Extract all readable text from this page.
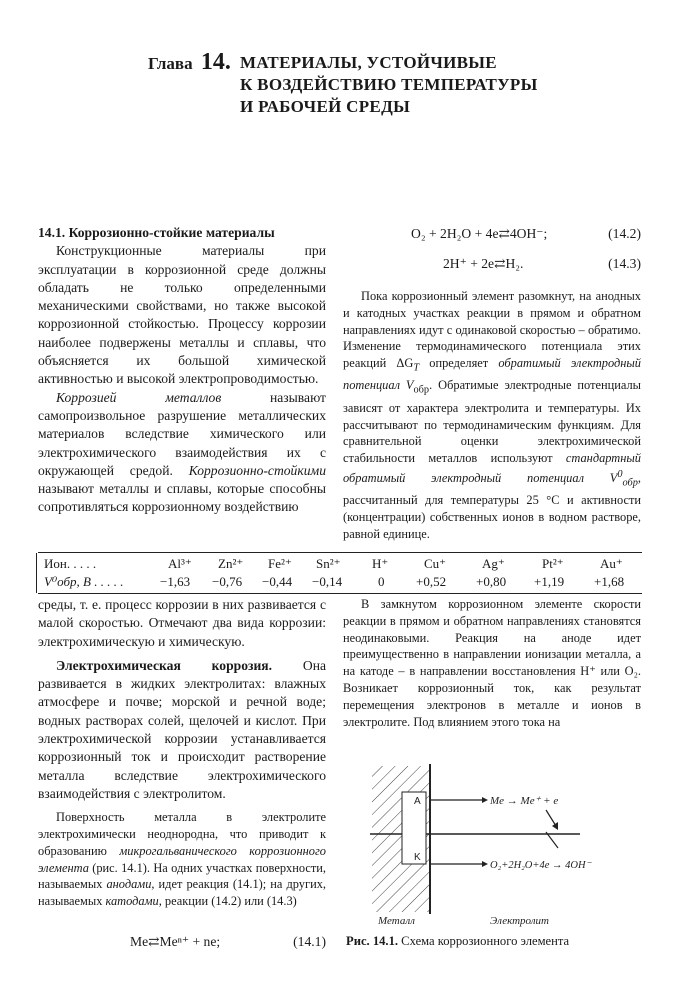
Глава 14. МАТЕРИАЛЫ, УСТОЙЧИВЫЕ
К ВОЗДЕЙСТВИЮ ТЕМПЕРАТУРЫ
И РАБОЧЕЙ СРЕДЫ

14.1. Коррозионно-стойкие материалы

Конструкционные материалы при эксплуатации в коррозионной среде должны обладать не только определенными механическими свойствами, но также высокой коррозионной стойкостью. Процессу коррозии наиболее подвержены металлы и сплавы, что объясняется их большой химической активностью и высокой электропроводимостью.

Коррозией металлов называют самопроизвольное разрушение металлических материалов вследствие химического или электрохимического взаимодействия их с окружающей средой. Коррозионно-стойкими называют металлы и сплавы, которые способны сопротивляться коррозионному воздействию

O₂ + 2H₂O + 4e⇄4OH⁻;	(14.2)
2H⁺ + 2e⇄H₂.	(14.3)

Пока коррозионный элемент разомкнут, на анодных и катодных участках реакции в прямом и обратном направлениях идут с одинаковой скоростью – обратимо. Изменение термодинамического потенциала этих реакций $\Delta G_T$ определяет обратимый электродный потенциал $V_{обр}$. Обратимые электродные потенциалы зависят от характера электролита и температуры. Их рассчитывают по термодинамическим функциям. Для сравнительной оценки электрохимической стабильности металлов используют стандартный обратимый электродный потенциал $V^0_{обр}$, рассчитанный для температуры 25 °С и активности (концентрации) собственных ионов в водном растворе, равной единице.

Ион. . . . .	Al³⁺ Zn²⁺ Fe²⁺ Sn²⁺ H⁺	Cu⁺	Ag⁺	Pt²⁺	Au⁺
V⁰обр, В . . . . .	−1,63 −0,76 −0,44 −0,14	0 +0,52 +0,80 +1,19 +1,68

среды, т. е. процесс коррозии в них развивается с малой скоростью. Отмечают два вида коррозии: электрохимическую и химическую.

Электрохимическая коррозия. Она развивается в жидких электролитах: влажных атмосфере и почве; морской и речной воде; водных растворах солей, щелочей и кислот. При электрохимической коррозии устанавливается коррозионный ток и происходит растворение металла вследствие электрохимического взаимодействия с электролитом.

Поверхность металла в электролите электрохимически неоднородна, что приводит к образованию микрогальванического коррозионного элемента (рис. 14.1). На одних участках поверхности, называемых анодами, идет реакция (14.1); на других, называемых катодами, реакции (14.2) или (14.3)

Me⇄Meⁿ⁺ + ne;	(14.1)

В замкнутом коррозионном элементе скорости реакции в прямом и обратном направлениях становятся неодинаковыми. Реакция на аноде идет преимущественно в направлении ионизации металла, а на катоде – в направлении восстановления H⁺ или O₂. Возникает коррозионный ток, как результат перемещения электронов в металле и ионов в электролите. Под влиянием этого тока на

A
K
Me → Me⁺ + e
O₂+2H₂O+4e → 4OH⁻
Металл	Электролит
Рис. 14.1. Схема коррозионного элемента
